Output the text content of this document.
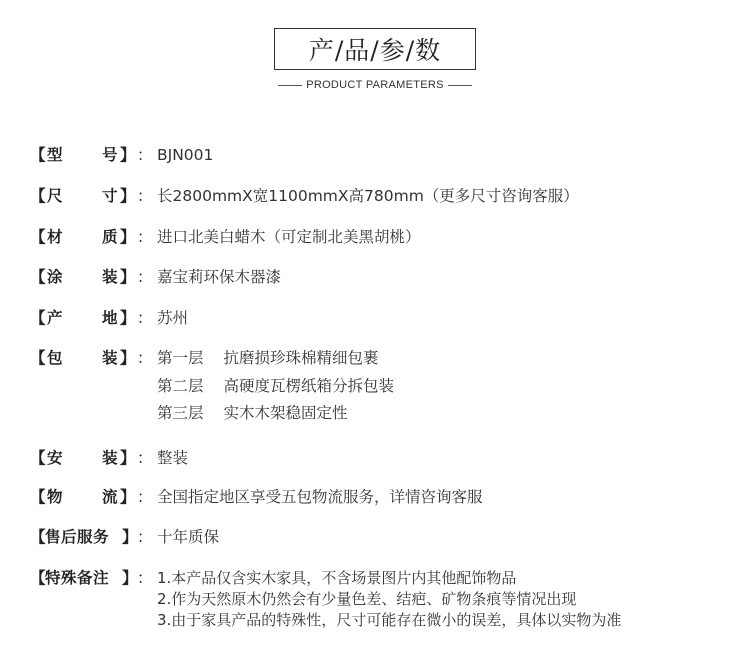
产/品/参/数
PRODUCT PARAMETERS
【 型	号 】 ： BJN001
【 尺	寸 】 ： 长2800mmX宽1100mmX高780mm（更多尺寸咨询客服）
【 材	质 】 ： 进口北美白蜡木（可定制北美黑胡桃）
【 涂	装 】 ： 嘉宝莉环保木器漆
【 产	地 】 ： 苏州
【 包	装 】 ： 第一层 抗磨损珍珠棉精细包裹
第二层 高硬度瓦楞纸箱分拆包装
第三层 实木木架稳固定性
【 安	装 】 ： 整装
【 物	流 】 ： 全国指定地区享受五包物流服务，详情咨询客服
【 售后服务 】 ： 十年质保
【 特殊备注 】 ： 1.本产品仅含实木家具，不含场景图片内其他配饰物品
2.作为天然原木仍然会有少量色差、结疤、矿物条痕等情况出现
3.由于家具产品的特殊性，尺寸可能存在微小的误差，具体以实物为准
